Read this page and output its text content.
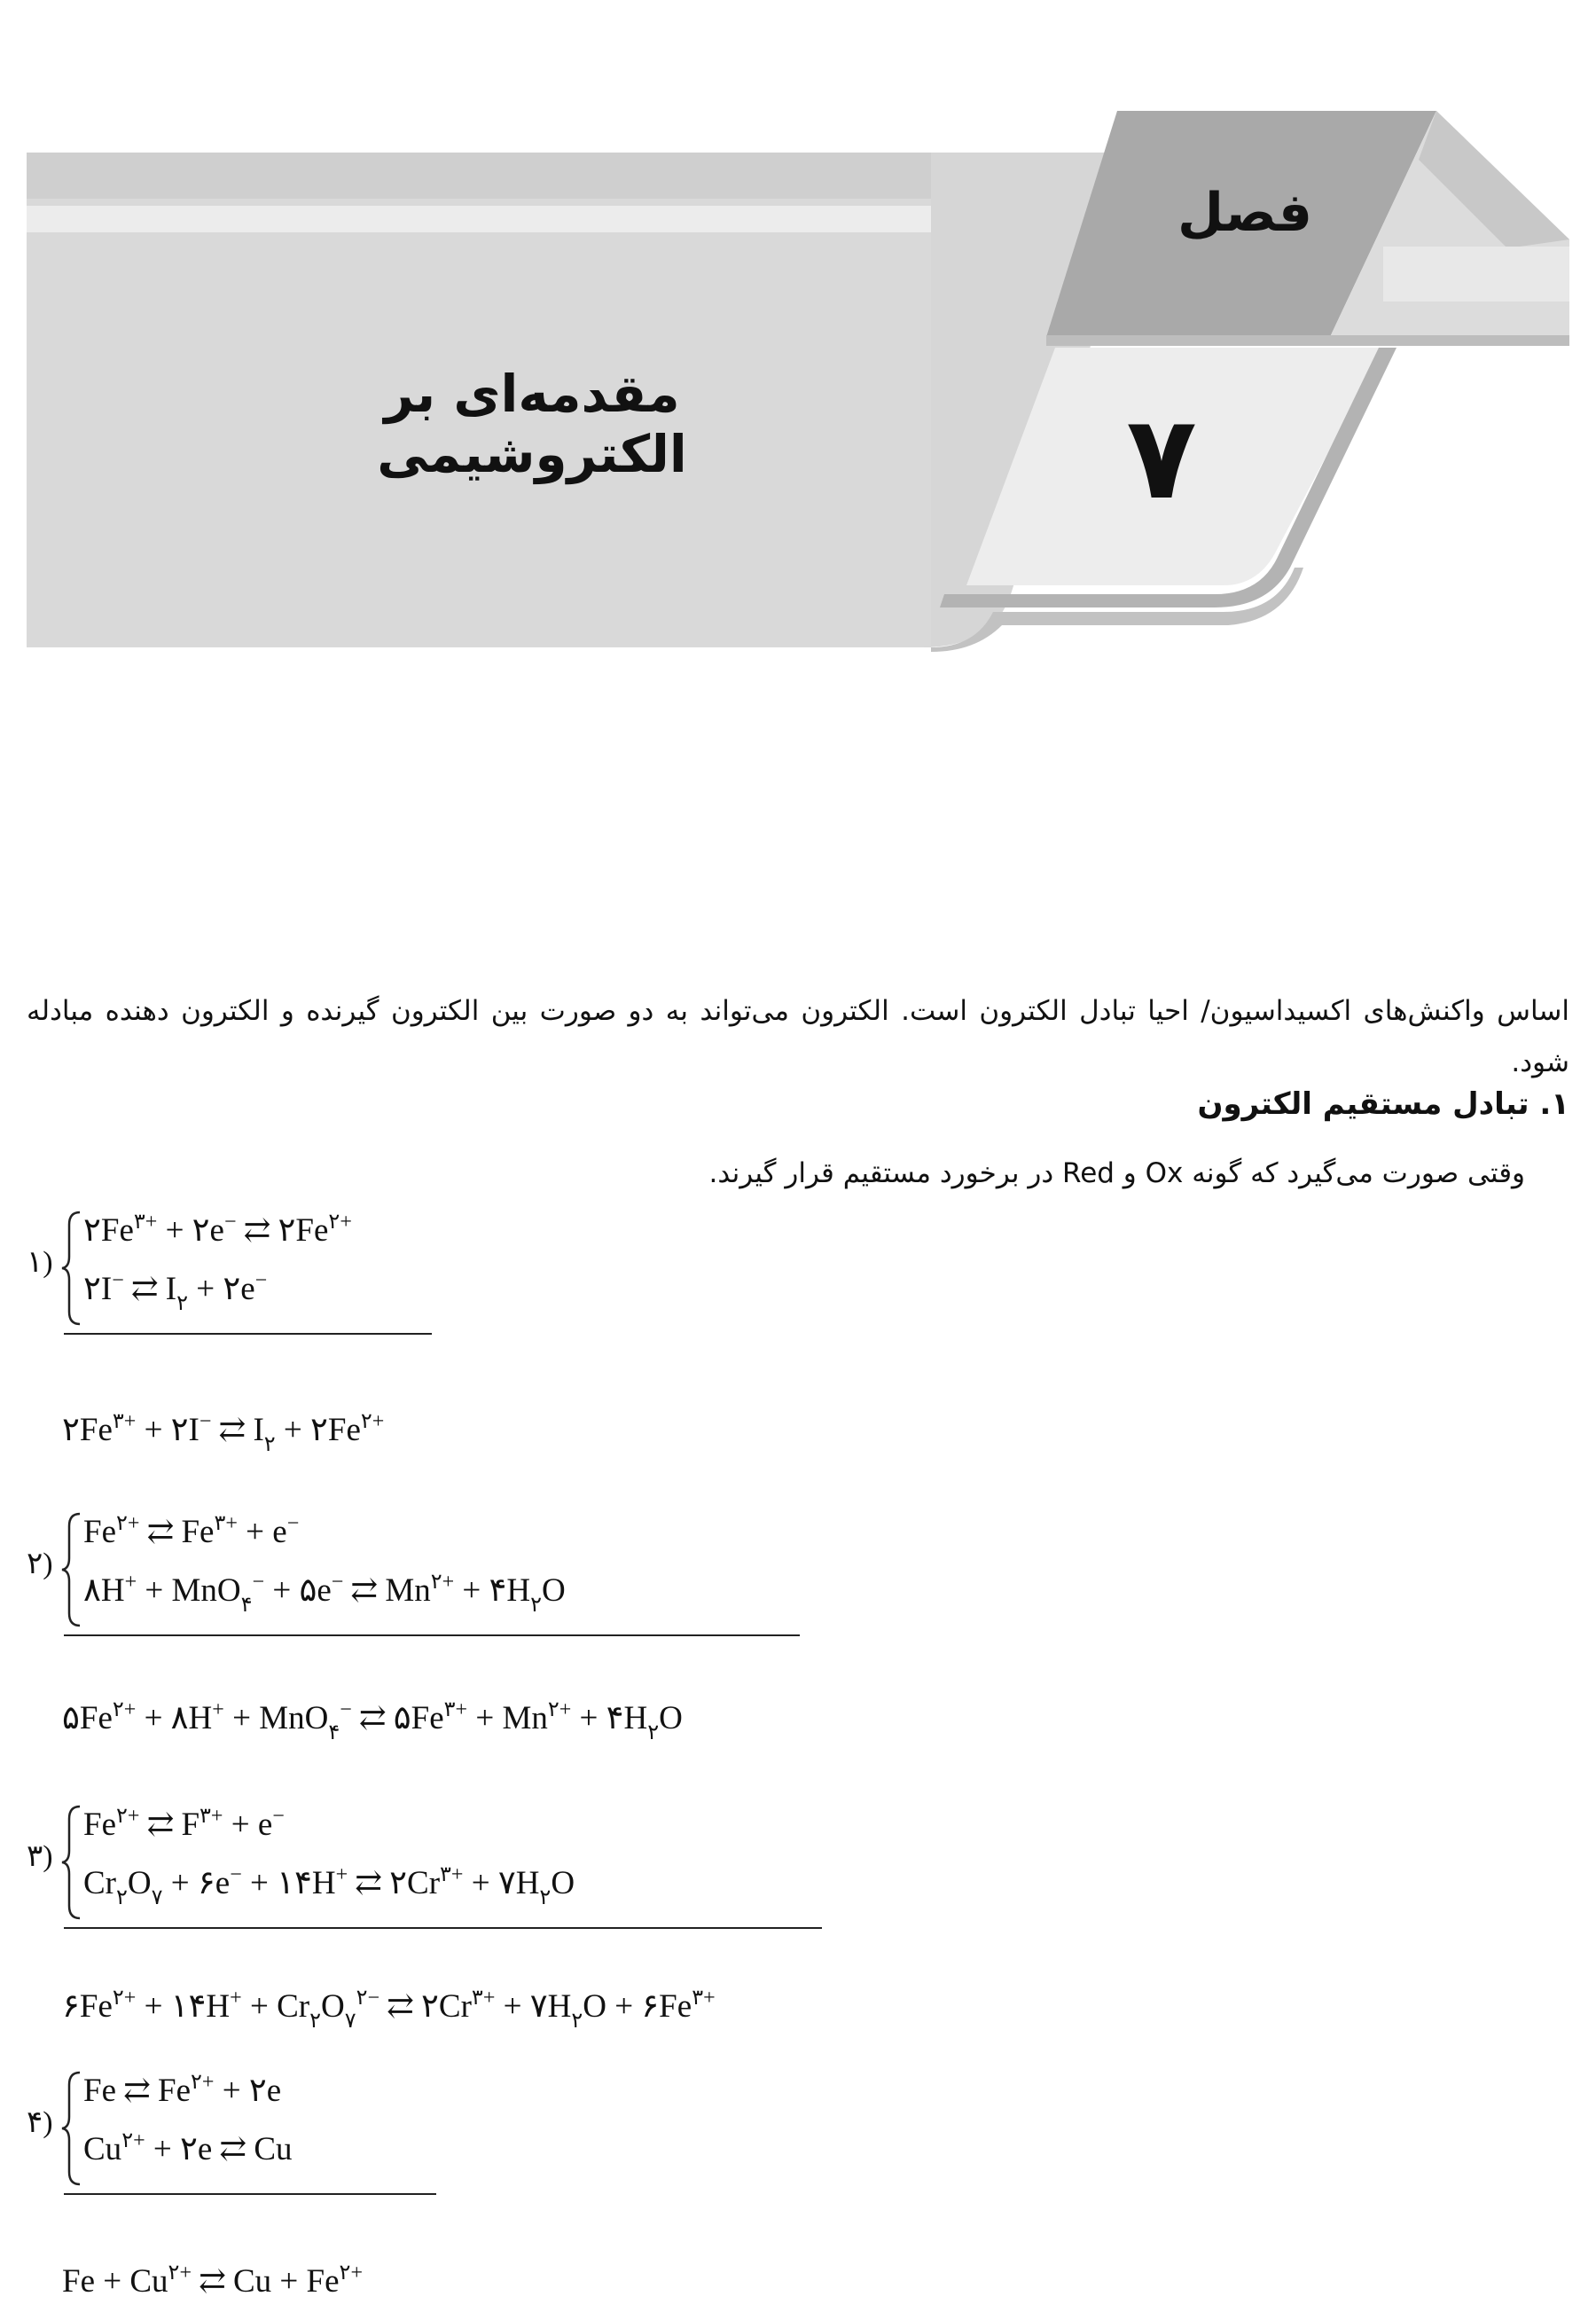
فصل
۷
مقدمه‌ای بر الکتروشیمی

اساس واکنش‌های اکسیداسیون/ احیا تبادل الکترون است. الکترون می‌تواند به دو صورت بین الکترون گیرنده و الکترون دهنده مبادله شود.

۱. تبادل مستقیم الکترون
وقتی صورت می‌گیرد که گونه Ox و Red در برخورد مستقیم قرار گیرند.
۱)
$۲Fe^{۳+}$ + ۲e− ⇄ $۲Fe^{۲+}$
۲I− ⇄ $I_۲$ + ۲e−
$۲Fe^{۳+}$ + ۲I− ⇄ $I_۲$ + $۲Fe^{۲+}$
۲)
$Fe^{۲+}$ ⇄ $Fe^{۳+} + e^-$
۸H+ + MnO$_۴$− + ۵e− ⇄ $Mn^{۲+}$ + $۴H_۲O$
$۵Fe^{۲+}$ + ۸H+ + MnO$_۴$− ⇄ $۵Fe^{۳+} + Mn^{۲+}$ + $۴H_۲O$
۳)
$Fe^{۲+}$ ⇄ $F^{۳+} + e^-$
$Cr_۲O_۷$ + ۶e− + ۱۴H+ ⇄ $۲Cr^{۳+}$ + $۷H_۲O$
$۶Fe^{۲+}$ + ۱۴H+ + $Cr_۲O_۷^{۲-}$ ⇄ $۲Cr^{۳+}$ + $۷H_۲O$ + $۶Fe^{۳+}$
۴)
Fe ⇄ $Fe^{۲+}$ + ۲e
$Cu^{۲+}$ + ۲e ⇄ Cu
$Fe + Cu^{۲+}$ ⇄ $Cu + Fe^{۲+}$
